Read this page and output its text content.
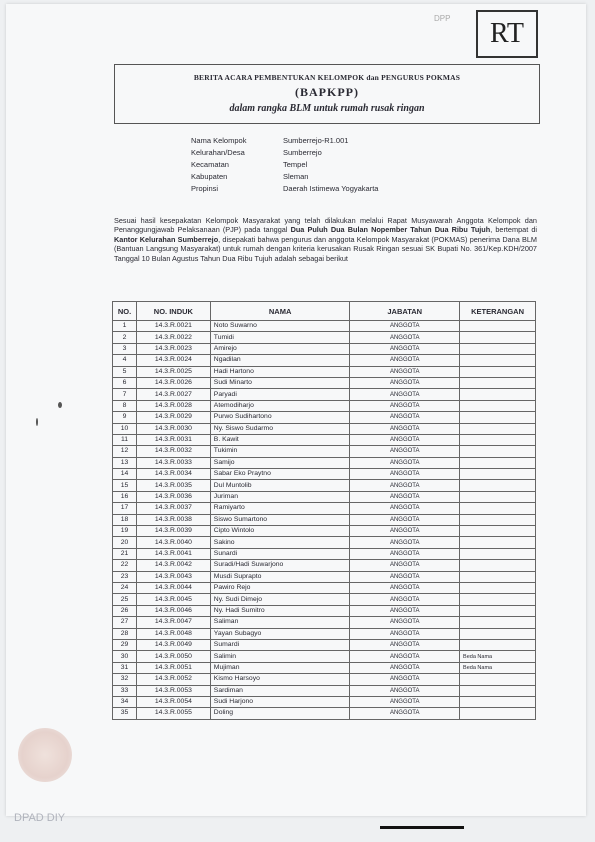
DPP	RT
BERITA ACARA PEMBENTUKAN KELOMPOK dan PENGURUS POKMAS
(BAPKPP)
dalam rangka BLM untuk rumah rusak ringan
Nama Kelompok	Sumberrejo-R1.001
Kelurahan/Desa	Sumberrejo
Kecamatan	Tempel
Kabupaten	Sleman
Propinsi	Daerah Istimewa Yogyakarta
Sesuai hasil kesepakatan Kelompok Masyarakat yang telah dilakukan melalui Rapat Musyawarah Anggota Kelompok dan Penanggungjawab Pelaksanaan (PJP) pada tanggal Dua Puluh Dua Bulan Nopember Tahun Dua Ribu Tujuh, bertempat di Kantor Kelurahan Sumberrejo, disepakati bahwa pengurus dan anggota Kelompok Masyarakat (POKMAS) penerima Dana BLM (Bantuan Langsung Masyarakat) untuk rumah dengan kriteria kerusakan Rusak Ringan sesuai SK Bupati No. 361/Kep.KDH/2007 Tanggal 10 Bulan Agustus Tahun Dua Ribu Tujuh adalah sebagai berikut
NO.	NO. INDUK	NAMA	JABATAN	KETERANGAN
1	14.3.R.0021	Noto Suwarno	ANGGOTA	
2	14.3.R.0022	Tumidi	ANGGOTA	
3	14.3.R.0023	Amirejo	ANGGOTA	
4	14.3.R.0024	Ngadilan	ANGGOTA	
5	14.3.R.0025	Hadi Hartono	ANGGOTA	
6	14.3.R.0026	Sudi Minarto	ANGGOTA	
7	14.3.R.0027	Paryadi	ANGGOTA	
8	14.3.R.0028	Atemodiharjo	ANGGOTA	
9	14.3.R.0029	Purwo Sudihartono	ANGGOTA	
10	14.3.R.0030	Ny. Siswo Sudarmo	ANGGOTA	
11	14.3.R.0031	B. Kawit	ANGGOTA	
12	14.3.R.0032	Tukimin	ANGGOTA	
13	14.3.R.0033	Samijo	ANGGOTA	
14	14.3.R.0034	Sabar Eko Praytno	ANGGOTA	
15	14.3.R.0035	Dul Muntolib	ANGGOTA	
16	14.3.R.0036	Juriman	ANGGOTA	
17	14.3.R.0037	Ramiyarto	ANGGOTA	
18	14.3.R.0038	Siswo Sumartono	ANGGOTA	
19	14.3.R.0039	Cipto Wintolo	ANGGOTA	
20	14.3.R.0040	Sakino	ANGGOTA	
21	14.3.R.0041	Sunardi	ANGGOTA	
22	14.3.R.0042	Suradi/Hadi Suwarjono	ANGGOTA	
23	14.3.R.0043	Musdi Suprapto	ANGGOTA	
24	14.3.R.0044	Pawiro Rejo	ANGGOTA	
25	14.3.R.0045	Ny. Sudi Dimejo	ANGGOTA	
26	14.3.R.0046	Ny. Hadi Sumitro	ANGGOTA	
27	14.3.R.0047	Saliman	ANGGOTA	
28	14.3.R.0048	Yayan Subagyo	ANGGOTA	
29	14.3.R.0049	Sumardi	ANGGOTA	
30	14.3.R.0050	Salimin	ANGGOTA	Beda Nama
31	14.3.R.0051	Mujiman	ANGGOTA	Beda Nama
32	14.3.R.0052	Kismo Harsoyo	ANGGOTA	
33	14.3.R.0053	Sardiman	ANGGOTA	
34	14.3.R.0054	Sudi Harjono	ANGGOTA	
35	14.3.R.0055	Doling	ANGGOTA	
DPAD DIY
